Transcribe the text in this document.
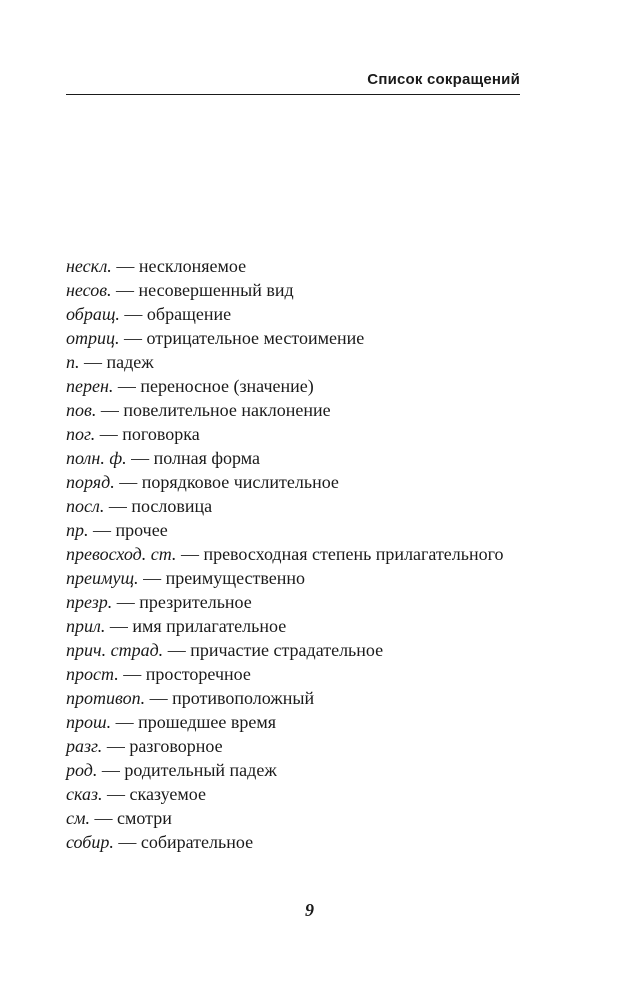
Список сокращений
нескл. — несклоняемое
несов. — несовершенный вид
обращ. — обращение
отриц. — отрицательное местоимение
п. — падеж
перен. — переносное (значение)
пов. — повелительное наклонение
пог. — поговорка
полн. ф. — полная форма
поряд. — порядковое числительное
посл. — пословица
пр. — прочее
превосход. ст. — превосходная степень прилагательного
преимущ. — преимущественно
презр. — презрительное
прил. — имя прилагательное
прич. страд. — причастие страдательное
прост. — просторечное
противоп. — противоположный
прош. — прошедшее время
разг. — разговорное
род. — родительный падеж
сказ. — сказуемое
см. — смотри
собир. — собирательное
9
